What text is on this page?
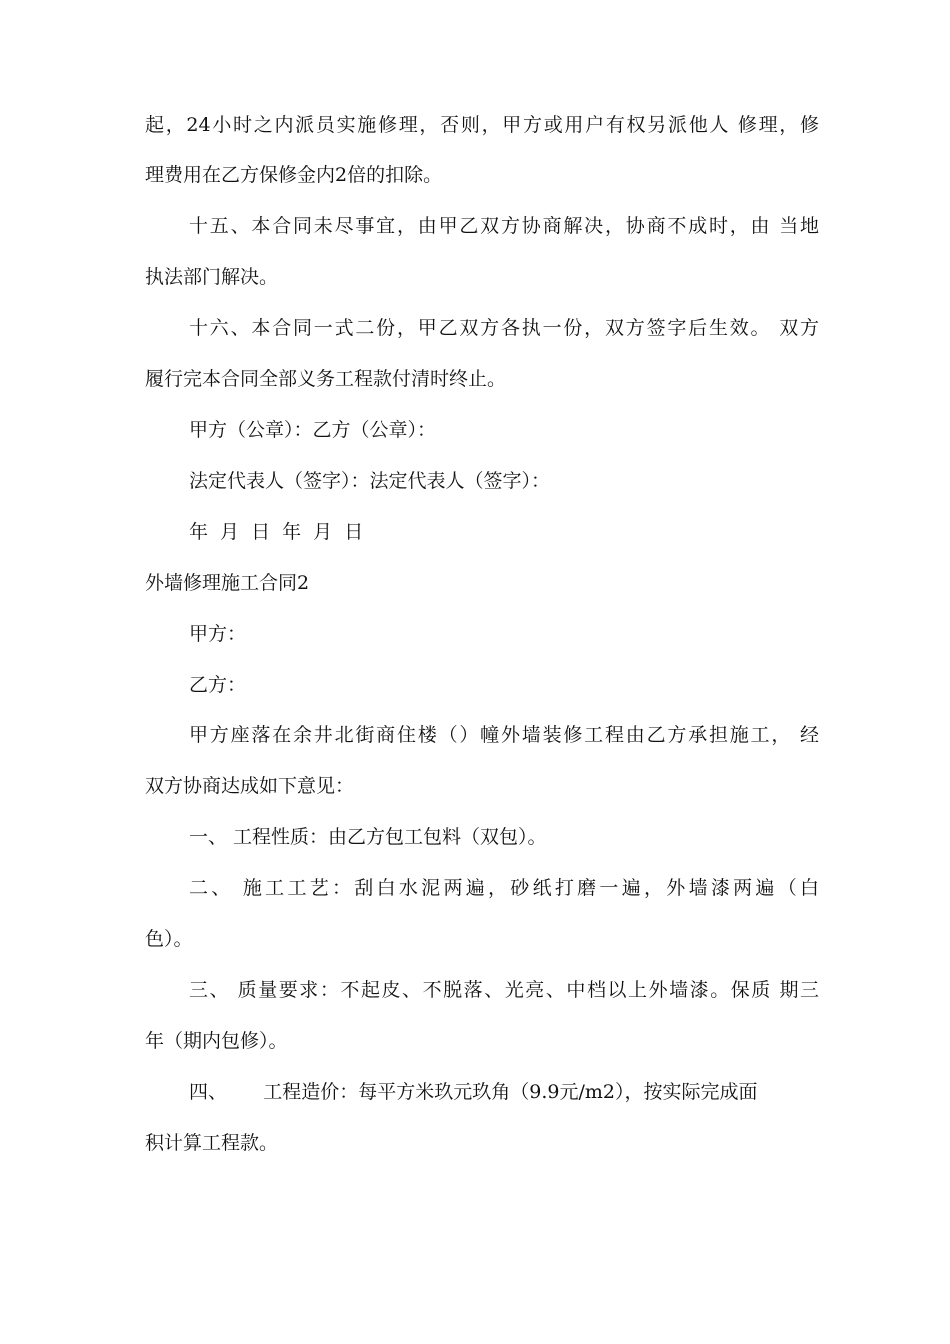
起，24小时之内派员实施修理，否则，甲方或用户有权另派他人 修理，修
理费用在乙方保修金内2倍的扣除。
十五、本合同未尽事宜，由甲乙双方协商解决，协商不成时，由 当地
执法部门解决。
十六、本合同一式二份，甲乙双方各执一份，双方签字后生效。 双方
履行完本合同全部义务工程款付清时终止。
甲方（公章）：乙方（公章）：
法定代表人（签字）：法定代表人（签字）：
年 月 日 年 月 日
外墙修理施工合同2
甲方：
乙方：
甲方座落在余井北街商住楼（）幢外墙装修工程由乙方承担施工， 经
双方协商达成如下意见：
一、 工程性质：由乙方包工包料（双包）。
二、 施工工艺：刮白水泥两遍，砂纸打磨一遍，外墙漆两遍（白
色）。
三、 质量要求：不起皮、不脱落、光亮、中档以上外墙漆。保质 期三
年（期内包修）。
四、      工程造价：每平方米玖元玖角（9.9元/m2），按实际完成面
积计算工程款。
